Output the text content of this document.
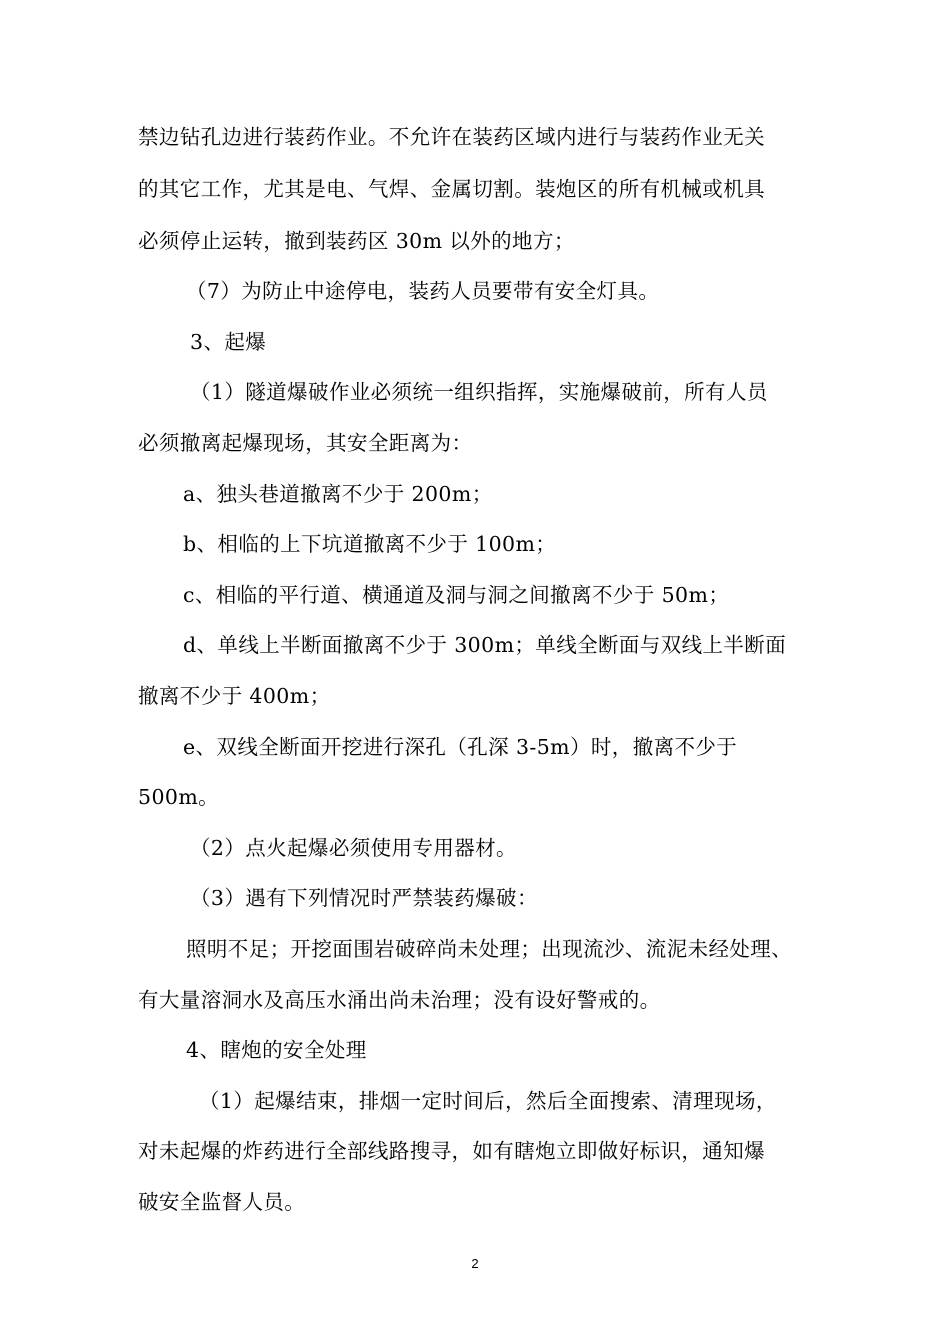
禁边钻孔边进行装药作业。不允许在装药区域内进行与装药作业无关
的其它工作，尤其是电、气焊、金属切割。装炮区的所有机械或机具
必须停止运转，撤到装药区 30m 以外的地方；
（7）为防止中途停电，装药人员要带有安全灯具。
3、起爆
（1）隧道爆破作业必须统一组织指挥，实施爆破前，所有人员
必须撤离起爆现场，其安全距离为：
a、独头巷道撤离不少于 200m；
b、相临的上下坑道撤离不少于 100m；
c、相临的平行道、横通道及洞与洞之间撤离不少于 50m；
d、单线上半断面撤离不少于 300m；单线全断面与双线上半断面
撤离不少于 400m；
e、双线全断面开挖进行深孔（孔深 3-5m）时，撤离不少于
500m。
（2）点火起爆必须使用专用器材。
（3）遇有下列情况时严禁装药爆破：
照明不足；开挖面围岩破碎尚未处理；出现流沙、流泥未经处理、
有大量溶洞水及高压水涌出尚未治理；没有设好警戒的。
4、瞎炮的安全处理
（1）起爆结束，排烟一定时间后，然后全面搜索、清理现场，
对未起爆的炸药进行全部线路搜寻，如有瞎炮立即做好标识，通知爆
破安全监督人员。
2
